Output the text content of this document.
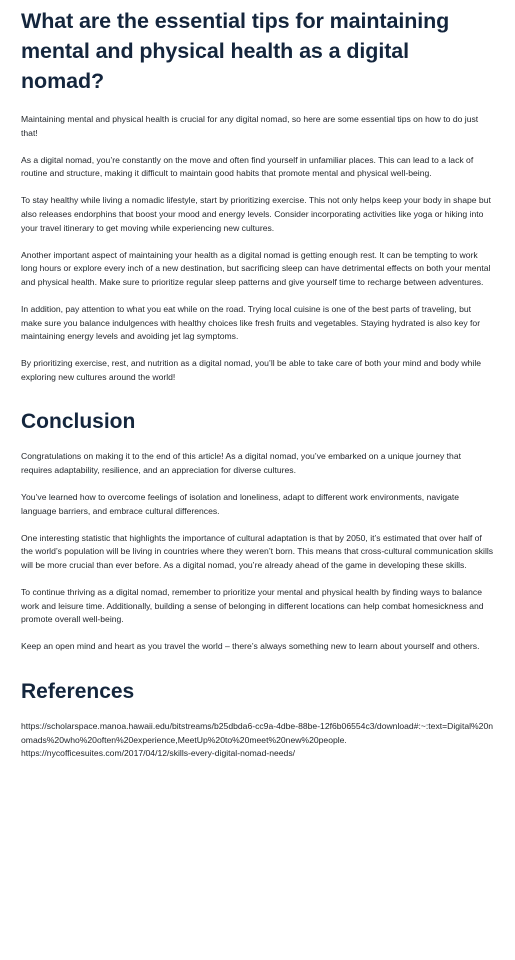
What are the essential tips for maintaining mental and physical health as a digital nomad?

Maintaining mental and physical health is crucial for any digital nomad, so here are some essential tips on how to do just that!

As a digital nomad, you’re constantly on the move and often find yourself in unfamiliar places. This can lead to a lack of routine and structure, making it difficult to maintain good habits that promote mental and physical well-being.

To stay healthy while living a nomadic lifestyle, start by prioritizing exercise. This not only helps keep your body in shape but also releases endorphins that boost your mood and energy levels. Consider incorporating activities like yoga or hiking into your travel itinerary to get moving while experiencing new cultures.

Another important aspect of maintaining your health as a digital nomad is getting enough rest. It can be tempting to work long hours or explore every inch of a new destination, but sacrificing sleep can have detrimental effects on both your mental and physical health. Make sure to prioritize regular sleep patterns and give yourself time to recharge between adventures.

In addition, pay attention to what you eat while on the road. Trying local cuisine is one of the best parts of traveling, but make sure you balance indulgences with healthy choices like fresh fruits and vegetables. Staying hydrated is also key for maintaining energy levels and avoiding jet lag symptoms.

By prioritizing exercise, rest, and nutrition as a digital nomad, you’ll be able to take care of both your mind and body while exploring new cultures around the world!

Conclusion

Congratulations on making it to the end of this article! As a digital nomad, you’ve embarked on a unique journey that requires adaptability, resilience, and an appreciation for diverse cultures.

You’ve learned how to overcome feelings of isolation and loneliness, adapt to different work environments, navigate language barriers, and embrace cultural differences.

One interesting statistic that highlights the importance of cultural adaptation is that by 2050, it’s estimated that over half of the world’s population will be living in countries where they weren’t born. This means that cross-cultural communication skills will be more crucial than ever before. As a digital nomad, you’re already ahead of the game in developing these skills.

To continue thriving as a digital nomad, remember to prioritize your mental and physical health by finding ways to balance work and leisure time. Additionally, building a sense of belonging in different locations can help combat homesickness and promote overall well-being.

Keep an open mind and heart as you travel the world – there’s always something new to learn about yourself and others.

References
https://scholarspace.manoa.hawaii.edu/bitstreams/b25dbda6-cc9a-4dbe-88be-12f6b06554c3/download#:~:text=Digital%20nomads%20who%20often%20experience,MeetUp%20to%20meet%20new%20people.
https://nycofficesuites.com/2017/04/12/skills-every-digital-nomad-needs/
